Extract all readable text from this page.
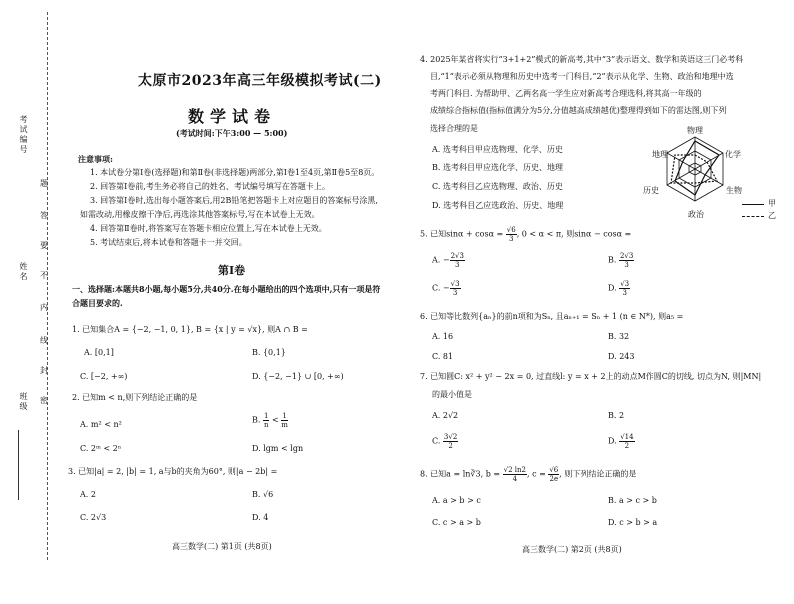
考试编号
姓名
班级
题
答
要
不
内
线
封
密
太原市2023年高三年级模拟考试(二)
数学试卷
(考试时间:下午3:00 — 5:00)
注意事项:
1. 本试卷分第Ⅰ卷(选择题)和第Ⅱ卷(非选择题)两部分,第Ⅰ卷1至4页,第Ⅱ卷5至8页。
2. 回答第Ⅰ卷前,考生务必将自己的姓名、考试编号填写在答题卡上。
3. 回答第Ⅰ卷时,选出每小题答案后,用2B铅笔把答题卡上对应题目的答案标号涂黑,
如需改动,用橡皮擦干净后,再选涂其他答案标号,写在本试卷上无效。
4. 回答第Ⅱ卷时,将答案写在答题卡相应位置上,写在本试卷上无效。
5. 考试结束后,将本试卷和答题卡一并交回。
第Ⅰ卷
一、选择题:本题共8小题,每小题5分,共40分.在每小题给出的四个选项中,只有一项是符
合题目要求的.
1. 已知集合A = {−2, −1, 0, 1}, B = {x | y = √x}, 则A ∩ B =
A. [0,1]	B. {0,1}
C. [−2, +∞)	D. {−2, −1} ∪ [0, +∞)
2. 已知m < n,则下列结论正确的是
A. m² < n²	B. $\frac{1}{n} < \frac{1}{m}$
C. 2ᵐ < 2ⁿ	D. lgm < lgn
3. 已知|a| = 2, |b| = 1, a与b的夹角为60°, 则|a − 2b| =
A. 2	B. √6
C. 2√3	D. 4
高三数学(二) 第1页 (共8页)
4. 2025年某省将实行“3+1+2”模式的新高考,其中“3”表示语文、数学和英语这三门必考科
目,“1”表示必须从物理和历史中选考一门科目,“2”表示从化学、生物、政治和地理中选
考两门科目. 为帮助甲、乙两名高一学生应对新高考合理选科,将其高一年级的
成绩综合指标值(指标值满分为5分,分值越高成绩越优)整理得到如下的雷达图,则下列
选择合理的是
A. 选考科目甲应选物理、化学、历史
B. 选考科目甲应选化学、历史、地理
C. 选考科目乙应选物理、政治、历史
D. 选考科目乙应选政治、历史、地理
物理
化学
生物
政治
历史
地理
甲
乙
5. 已知$\sin\alpha + \cos\alpha = \frac{√6}{3}$ , 0 < α < π, 则sinα − cosα =
A. − $\frac{2√3}{3}$	B. $\frac{2√3}{3}$
C. − $\frac{√3}{3}$	D. $\frac{√3}{3}$
6. 已知等比数列{aₙ}的前n项和为Sₙ, 且aₙ₊₁ = Sₙ + 1 (n ∈ N*), 则a₅ =
A. 16	B. 32
C. 81	D. 243
7. 已知圆C: x² + y² − 2x = 0, 过直线l: y = x + 2上的动点M作圆C的切线, 切点为N, 则|MN|
的最小值是
A. 2√2	B. 2
C. $\frac{3√2}{2}$	D. $\frac{√14}{2}$
8. 已知a = ln∛3, $b = \frac{√2 \ln 2}{4}$ , $c = \frac{√6}{2e}$ , 则下列结论正确的是
A. a > b > c	B. a > c > b
C. c > a > b	D. c > b > a
高三数学(二) 第2页 (共8页)
